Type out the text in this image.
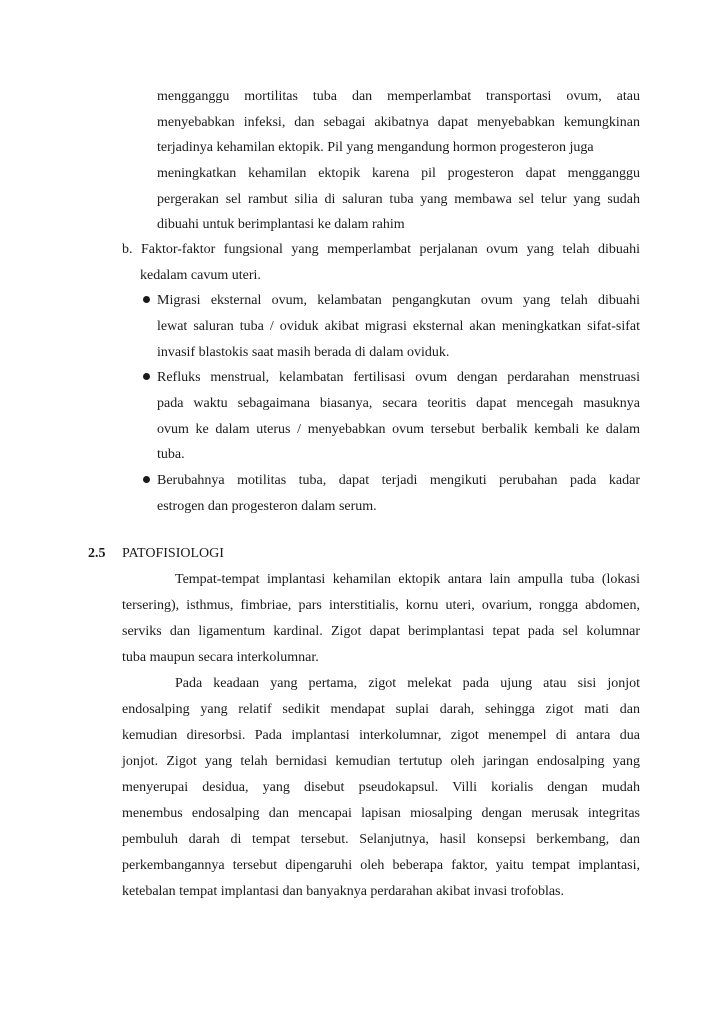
mengganggu mortilitas tuba dan memperlambat transportasi ovum, atau
menyebabkan infeksi, dan sebagai akibatnya dapat menyebabkan kemungkinan
terjadinya kehamilan ektopik. Pil yang mengandung hormon progesteron juga
meningkatkan kehamilan ektopik karena pil progesteron dapat mengganggu
pergerakan sel rambut silia di saluran tuba yang membawa sel telur yang sudah
dibuahi untuk berimplantasi ke dalam rahim
b. Faktor-faktor fungsional yang memperlambat perjalanan ovum yang telah dibuahi
kedalam cavum uteri.
Migrasi eksternal ovum, kelambatan pengangkutan ovum yang telah dibuahi
lewat saluran tuba / oviduk akibat migrasi eksternal akan meningkatkan sifat-sifat
invasif blastokis saat masih berada di dalam oviduk.
Refluks menstrual, kelambatan fertilisasi ovum dengan perdarahan menstruasi
pada waktu sebagaimana biasanya, secara teoritis dapat mencegah masuknya
ovum ke dalam uterus / menyebabkan ovum tersebut berbalik kembali ke dalam
tuba.
Berubahnya motilitas tuba, dapat terjadi mengikuti perubahan pada kadar
estrogen dan progesteron dalam serum.
2.5 PATOFISIOLOGI
Tempat-tempat implantasi kehamilan ektopik antara lain ampulla tuba (lokasi
tersering), isthmus, fimbriae, pars interstitialis, kornu uteri, ovarium, rongga abdomen,
serviks dan ligamentum kardinal. Zigot dapat berimplantasi tepat pada sel kolumnar
tuba maupun secara interkolumnar.
Pada keadaan yang pertama, zigot melekat pada ujung atau sisi jonjot
endosalping yang relatif sedikit mendapat suplai darah, sehingga zigot mati dan
kemudian diresorbsi. Pada implantasi interkolumnar, zigot menempel di antara dua
jonjot. Zigot yang telah bernidasi kemudian tertutup oleh jaringan endosalping yang
menyerupai desidua, yang disebut pseudokapsul. Villi korialis dengan mudah
menembus endosalping dan mencapai lapisan miosalping dengan merusak integritas
pembuluh darah di tempat tersebut. Selanjutnya, hasil konsepsi berkembang, dan
perkembangannya tersebut dipengaruhi oleh beberapa faktor, yaitu tempat implantasi,
ketebalan tempat implantasi dan banyaknya perdarahan akibat invasi trofoblas.
